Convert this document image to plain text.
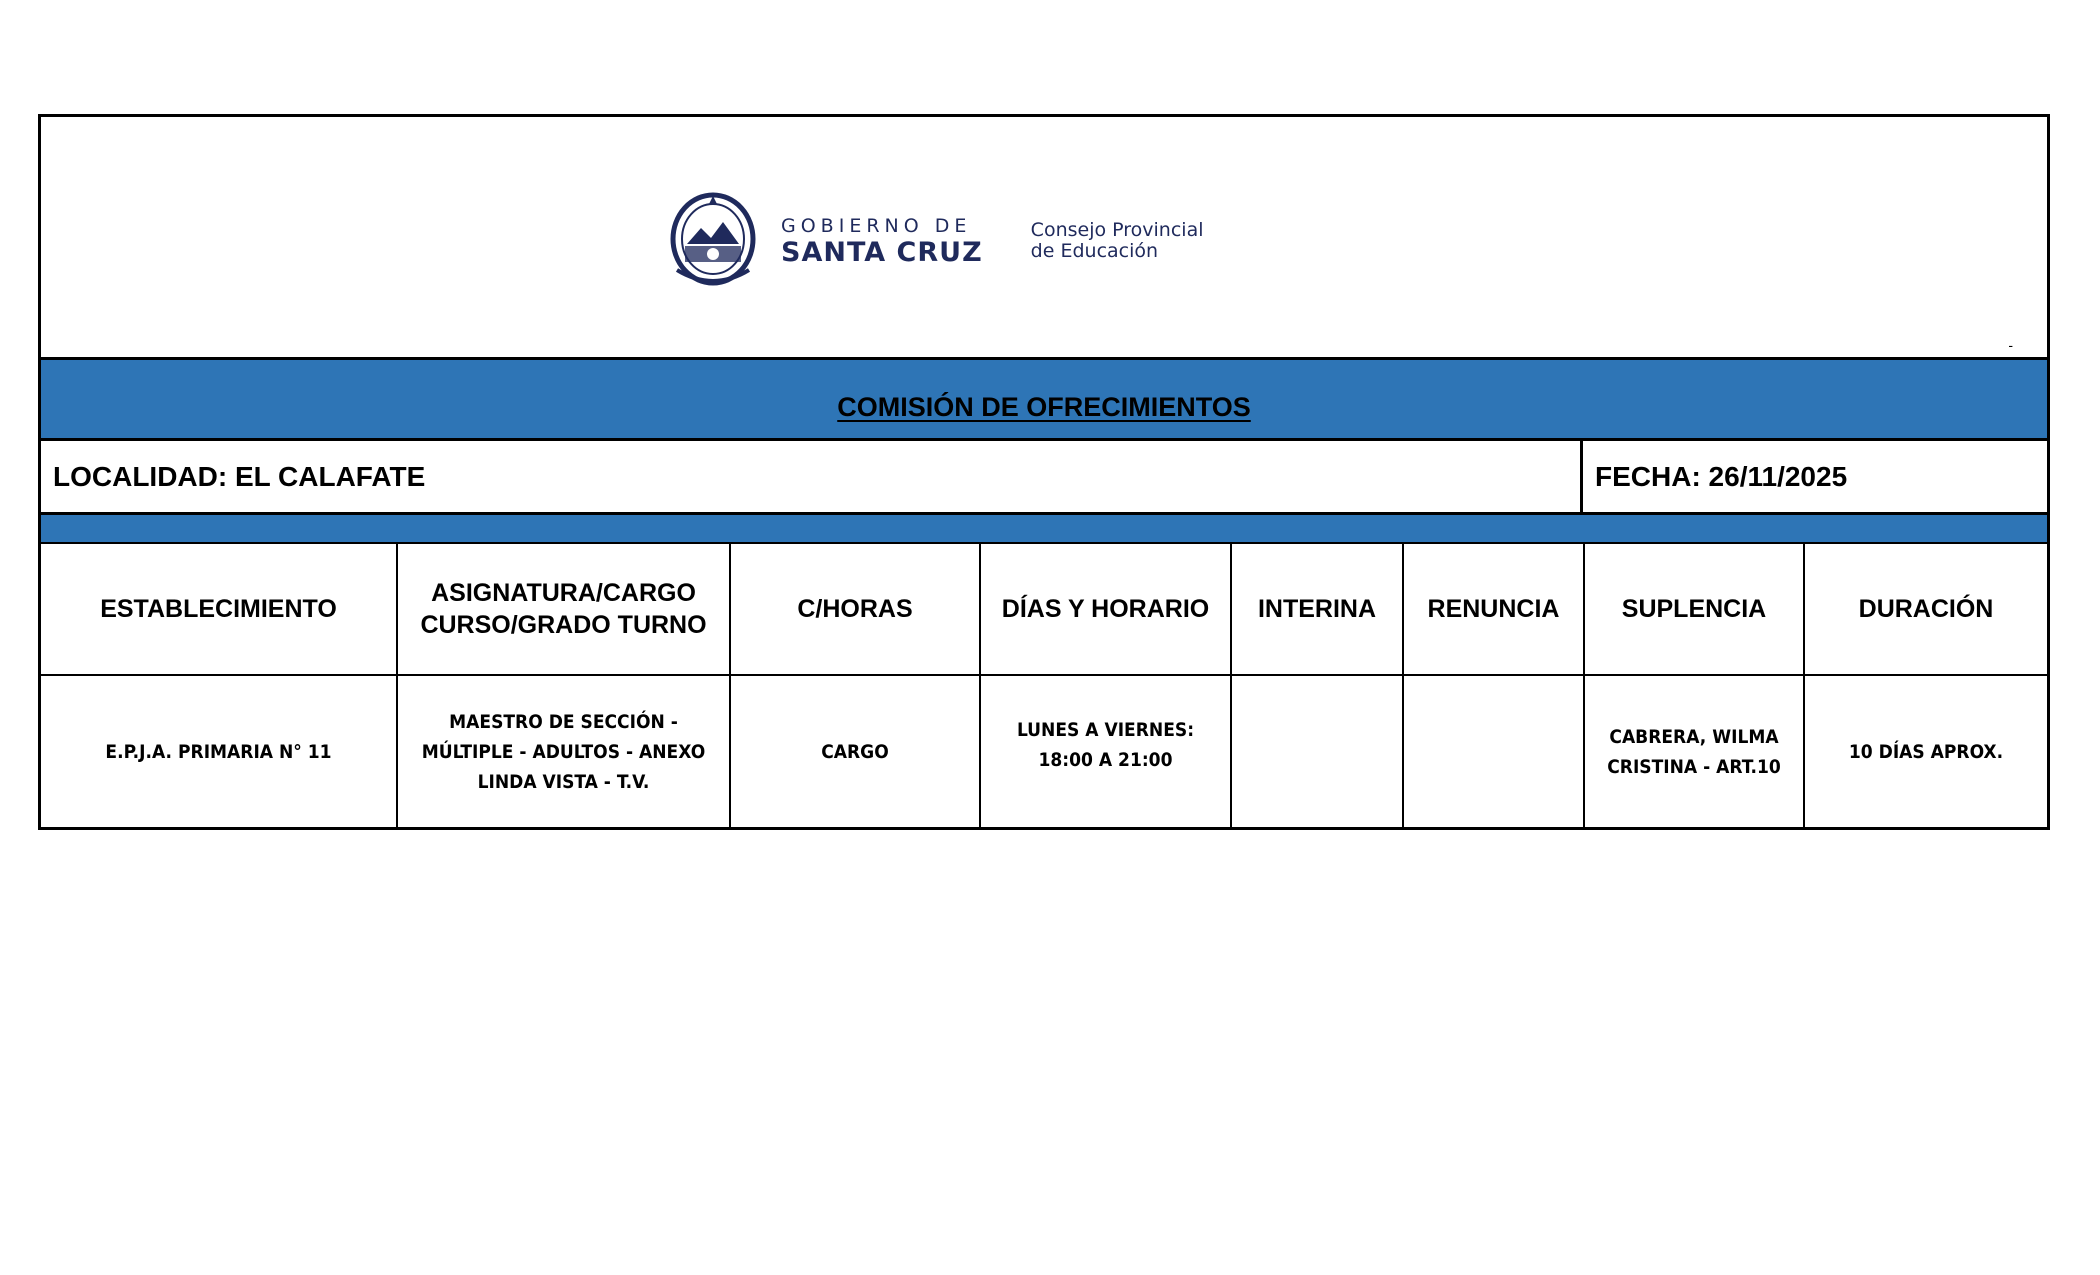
GOBIERNO DE
SANTA CRUZ
Consejo Provincial
de Educación
-
COMISIÓN DE OFRECIMIENTOS
LOCALIDAD: EL CALAFATE	FECHA: 26/11/2025
ESTABLECIMIENTO	ASIGNATURA/CARGO CURSO/GRADO TURNO	C/HORAS	DÍAS Y HORARIO	INTERINA	RENUNCIA	SUPLENCIA	DURACIÓN
E.P.J.A. PRIMARIA N° 11	MAESTRO DE SECCIÓN - MÚLTIPLE - ADULTOS - ANEXO LINDA VISTA - T.V.	CARGO	LUNES A VIERNES: 18:00 A 21:00			CABRERA, WILMA CRISTINA - ART.10	10 DÍAS APROX.
